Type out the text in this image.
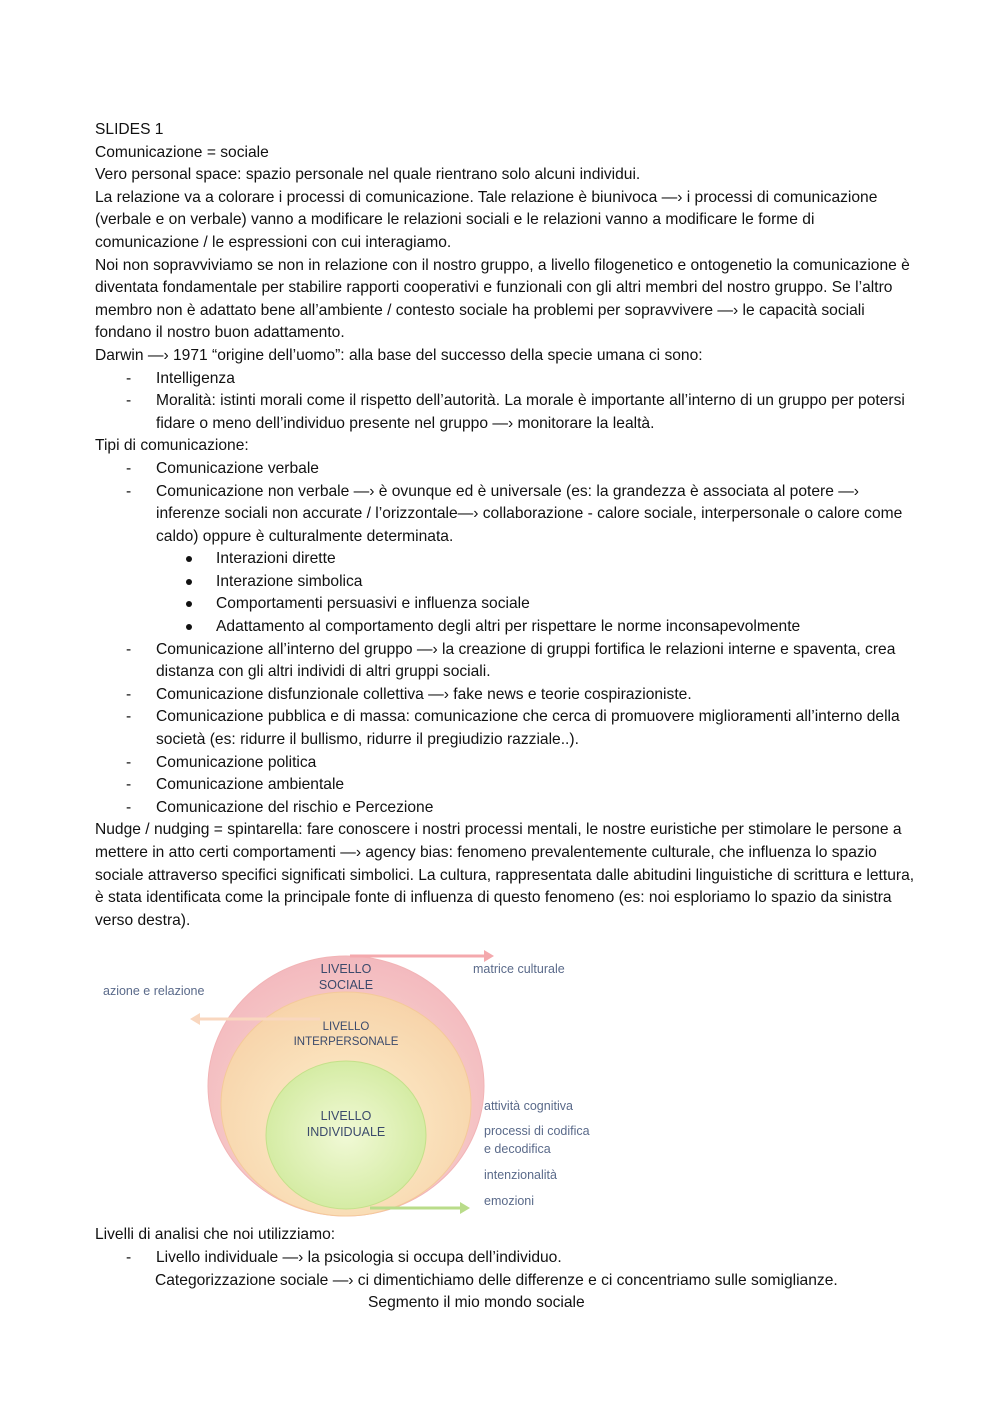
SLIDES 1

Comunicazione = sociale

Vero personal space: spazio personale nel quale rientrano solo alcuni individui.

La relazione va a colorare i processi di comunicazione. Tale relazione è biunivoca —› i processi di comunicazione (verbale e on verbale) vanno a modificare le relazioni sociali e le relazioni vanno a modificare le forme di comunicazione / le espressioni con cui interagiamo.

Noi non sopravviviamo se non in relazione con il nostro gruppo, a livello filogenetico e ontogenetio la comunicazione è diventata fondamentale per stabilire rapporti cooperativi e funzionali con gli altri membri del nostro gruppo. Se l’altro membro non è adattato bene all’ambiente / contesto sociale ha problemi per sopravvivere —› le capacità sociali fondano il nostro buon adattamento.

Darwin —› 1971 “origine dell’uomo”: alla base del successo della specie umana ci sono:

- Intelligenza
- Moralità: istinti morali come il rispetto dell’autorità. La morale è importante all’interno di un gruppo per potersi fidare o meno dell’individuo presente nel gruppo —› monitorare la lealtà.

Tipi di comunicazione:

- Comunicazione verbale
- Comunicazione non verbale —› è ovunque ed è universale (es: la grandezza è associata al potere —› inferenze sociali non accurate / l’orizzontale—› collaborazione - calore sociale, interpersonale o calore come caldo) oppure è culturalmente determinata.
Interazioni dirette
Interazione simbolica
Comportamenti persuasivi e influenza sociale
Adattamento al comportamento degli altri per rispettare le norme inconsapevolmente
- Comunicazione all’interno del gruppo —› la creazione di gruppi fortifica le relazioni interne e spaventa, crea distanza con gli altri individi di altri gruppi sociali.
- Comunicazione disfunzionale collettiva —› fake news e teorie cospirazioniste.
- Comunicazione pubblica e di massa: comunicazione che cerca di promuovere miglioramenti all’interno della società (es: ridurre il bullismo, ridurre il pregiudizio razziale..).
- Comunicazione politica
- Comunicazione ambientale
- Comunicazione del rischio e Percezione

Nudge / nudging = spintarella: fare conoscere i nostri processi mentali, le nostre euristiche per stimolare le persone a mettere in atto certi comportamenti —› agency bias: fenomeno prevalentemente culturale, che influenza lo spazio sociale attraverso specifici significati simbolici. La cultura, rappresentata dalle abitudini linguistiche di scrittura e lettura, è stata identificata come la principale fonte di influenza di questo fenomeno (es: noi esploriamo lo spazio da sinistra verso destra).

LIVELLO
SOCIALE
LIVELLO
INTERPERSONALE
LIVELLO
INDIVIDUALE
azione e relazione
matrice culturale
attività cognitiva
processi di codifica
e decodifica
intenzionalità
emozioni

Livelli di analisi che noi utilizziamo:

- Livello individuale —› la psicologia si occupa dell’individuo.

Categorizzazione sociale —› ci dimentichiamo delle differenze e ci concentriamo sulle somiglianze.

Segmento il mio mondo sociale
